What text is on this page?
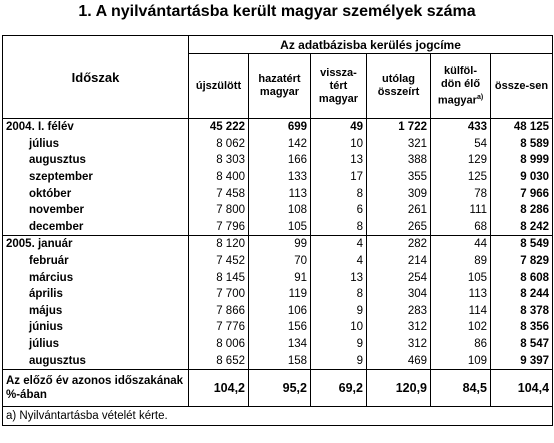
1. A nyilvántartásba került magyar személyek száma
Időszak	Az adatbázisba kerülés jogcíme					
	újszülött	hazatért magyar	vissza-tért magyar	utólag összeírt	külföl-dön élő magyar$^{a)}$	össze-sen
2004. I. félév	45 222	699	49	1 722	433	48 125
július	8 062	142	10	321	54	8 589
augusztus	8 303	166	13	388	129	8 999
szeptember	8 400	133	17	355	125	9 030
október	7 458	113	8	309	78	7 966
november	7 800	108	6	261	111	8 286
december	7 796	105	8	265	68	8 242
2005. január	8 120	99	4	282	44	8 549
február	7 452	70	4	214	89	7 829
március	8 145	91	13	254	105	8 608
április	7 700	119	8	304	113	8 244
május	7 866	106	9	283	114	8 378
június	7 776	156	10	312	102	8 356
július	8 006	134	9	312	86	8 547
augusztus	8 652	158	9	469	109	9 397
Az előző év azonos időszakának %-ában	104,2	95,2	69,2	120,9	84,5	104,4
a) Nyilvántartásba vételét kérte.						
